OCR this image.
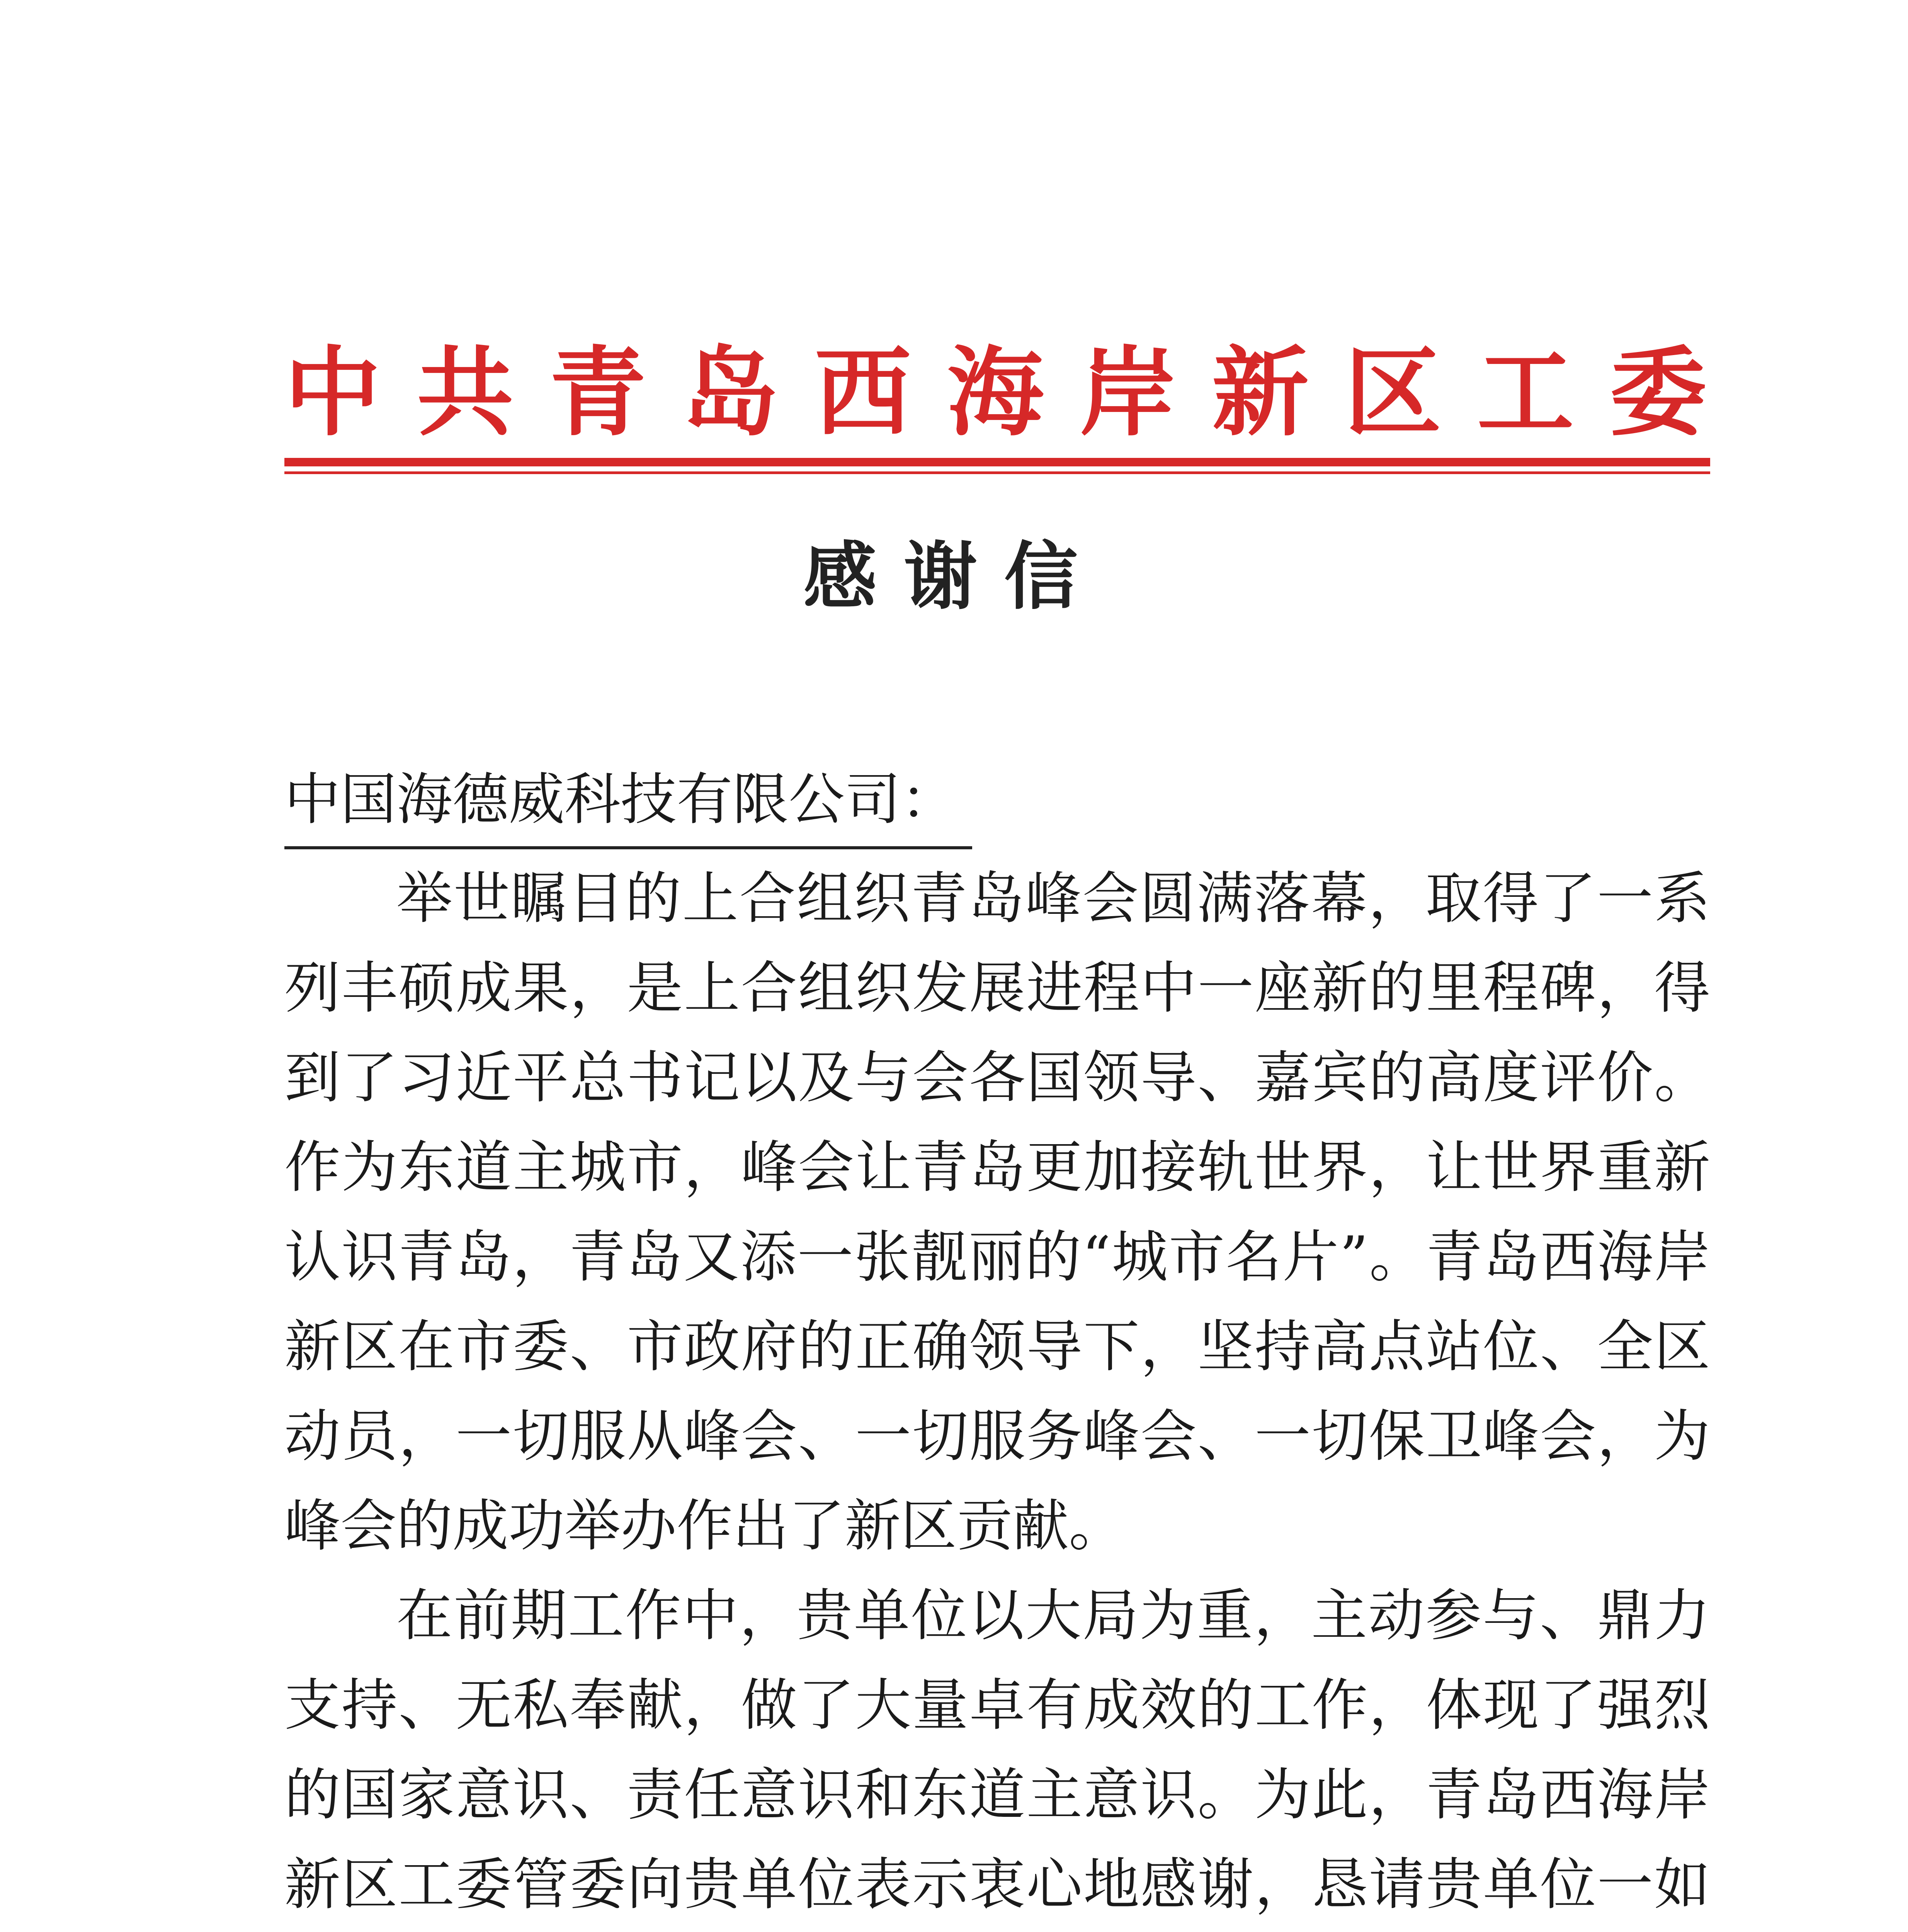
中 共 青 岛 西 海 岸 新 区 工 委
感谢信
中国海德威科技有限公司：

举世瞩目的上合组织青岛峰会圆满落幕，取得了一系列丰硕成果，是上合组织发展进程中一座新的里程碑，得到了习近平总书记以及与会各国领导、嘉宾的高度评价。作为东道主城市，峰会让青岛更加接轨世界，让世界重新认识青岛，青岛又添一张靓丽的“城市名片”。青岛西海岸新区在市委、市政府的正确领导下，坚持高点站位、全区动员，一切服从峰会、一切服务峰会、一切保卫峰会，为峰会的成功举办作出了新区贡献。

在前期工作中，贵单位以大局为重，主动参与、鼎力支持、无私奉献，做了大量卓有成效的工作，体现了强烈的国家意识、责任意识和东道主意识。为此，青岛西海岸新区工委管委向贵单位表示衷心地感谢，恳请贵单位一如
